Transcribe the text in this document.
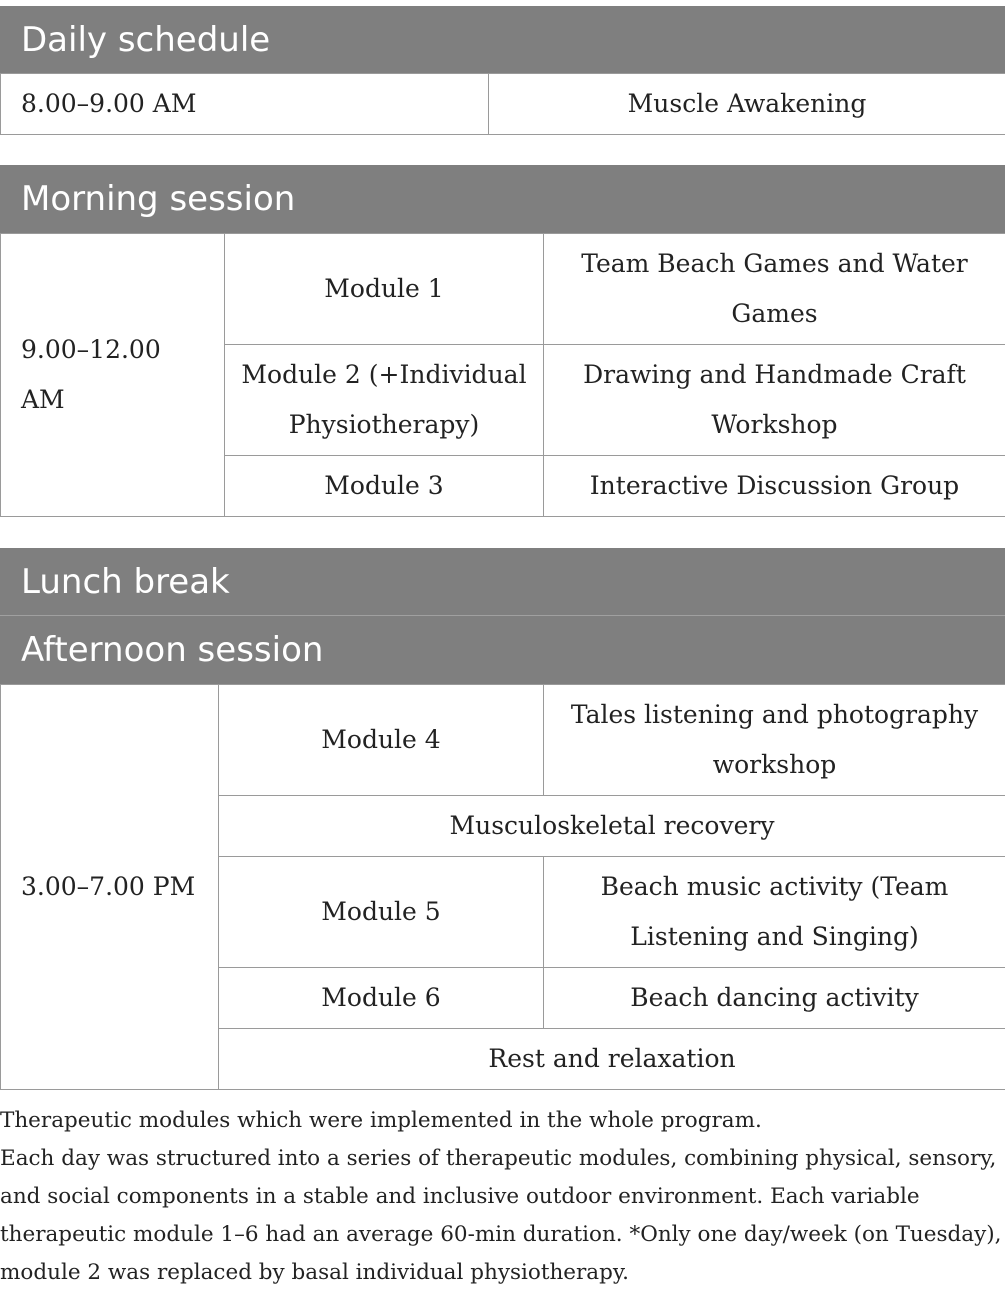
Daily schedule
8.00–9.00 AM	Muscle Awakening
Morning session
9.00–12.00 AM	Module 1	Team Beach Games and Water Games
	Module 2 (+Individual Physiotherapy)	Drawing and Handmade Craft Workshop
	Module 3	Interactive Discussion Group
Lunch break
Afternoon session
3.00–7.00 PM	Module 4	Tales listening and photography workshop
	Musculoskeletal recovery	
	Module 5	Beach music activity (Team Listening and Singing)
	Module 6	Beach dancing activity
	Rest and relaxation	

Therapeutic modules which were implemented in the whole program.

Each day was structured into a series of therapeutic modules, combining physical, sensory,

and social components in a stable and inclusive outdoor environment. Each variable

therapeutic module 1–6 had an average 60-min duration. *Only one day/week (on Tuesday),

module 2 was replaced by basal individual physiotherapy.
